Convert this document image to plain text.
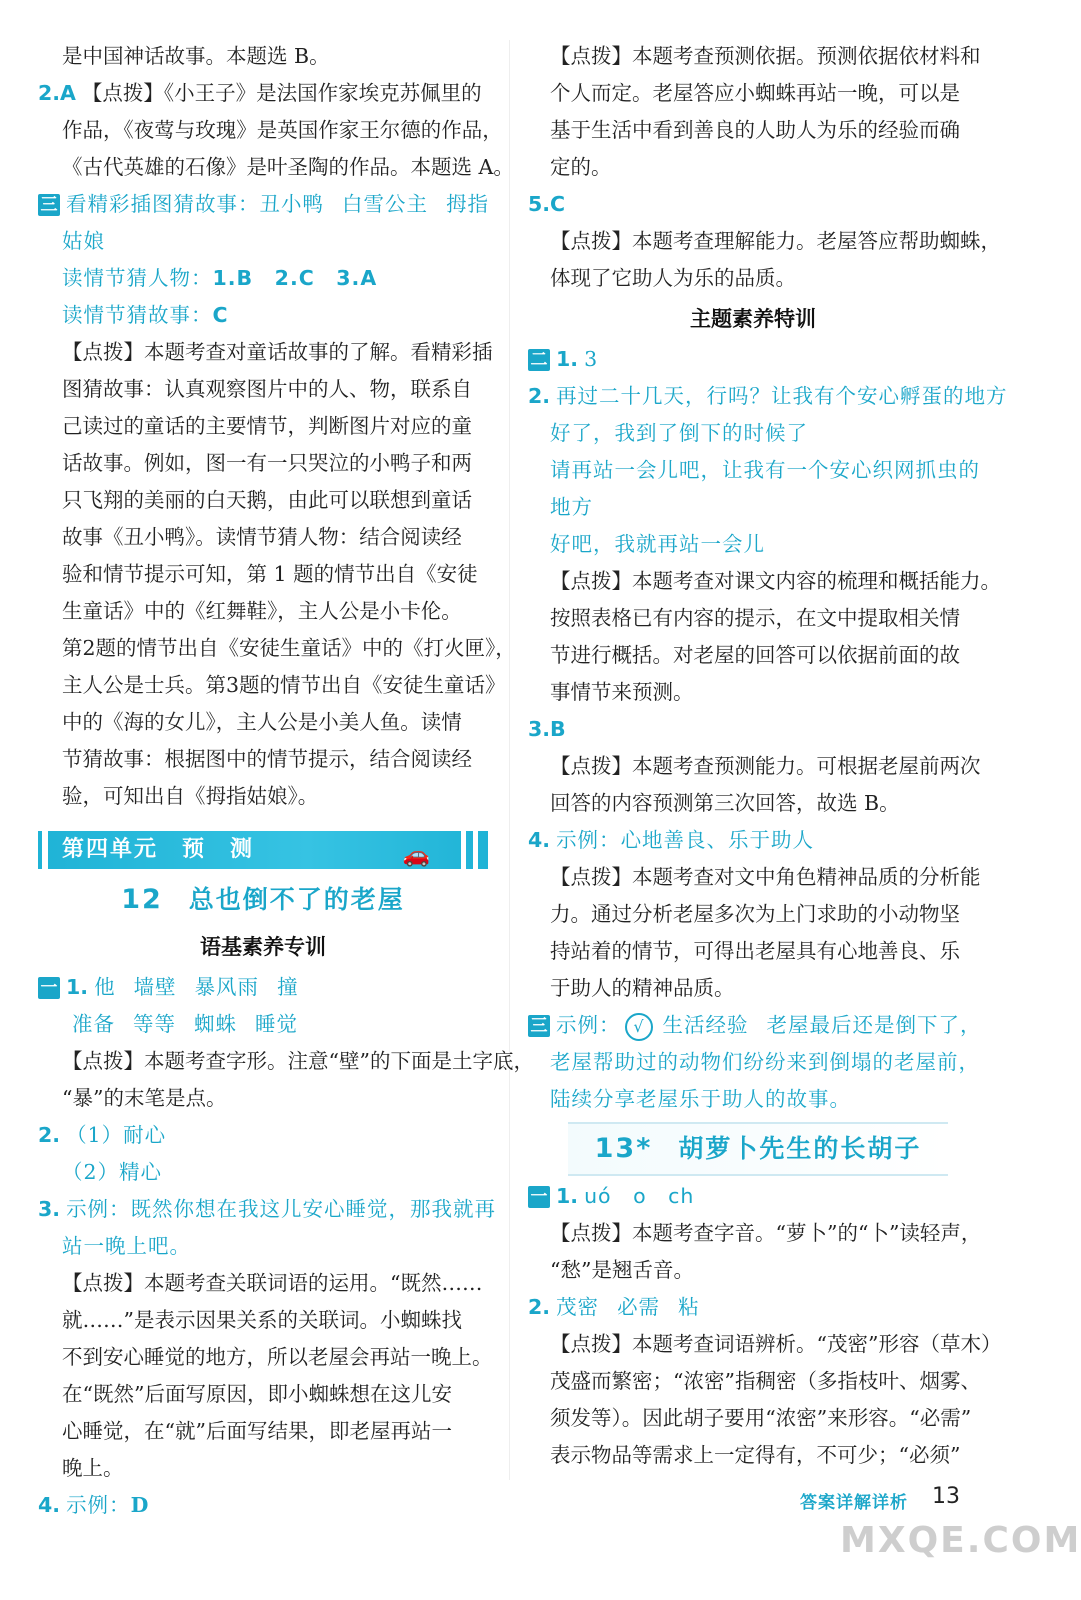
是中国神话故事。本题选 B。
2.A 【点拨】《小王子》是法国作家埃克苏佩里的
作品，《夜莺与玫瑰》是英国作家王尔德的作品，
《古代英雄的石像》是叶圣陶的作品。本题选 A。
三 看精彩插图猜故事：丑小鸭 白雪公主 拇指
姑娘
读情节猜人物：1.B　2.C　3.A
读情节猜故事：C
【点拨】本题考查对童话故事的了解。看精彩插
图猜故事：认真观察图片中的人、物，联系自
己读过的童话的主要情节，判断图片对应的童
话故事。例如，图一有一只哭泣的小鸭子和两
只飞翔的美丽的白天鹅，由此可以联想到童话
故事《丑小鸭》。读情节猜人物：结合阅读经
验和情节提示可知，第 1 题的情节出自《安徒
生童话》中的《红舞鞋》，主人公是小卡伦。
第2题的情节出自《安徒生童话》中的《打火匣》，
主人公是士兵。第3题的情节出自《安徒生童话》
中的《海的女儿》，主人公是小美人鱼。读情
节猜故事：根据图中的情节提示，结合阅读经
验，可知出自《拇指姑娘》。
第四单元　预　测	🚗
12 总也倒不了的老屋
语基素养专训
一 1. 他 墙壁 暴风雨 撞
准备 等等 蜘蛛 睡觉
【点拨】本题考查字形。注意“壁”的下面是土字底，
“暴”的末笔是点。
2. （1）耐心
（2）精心
3. 示例：既然你想在我这儿安心睡觉，那我就再
站一晚上吧。
【点拨】本题考查关联词语的运用。“既然……
就……”是表示因果关系的关联词。小蜘蛛找
不到安心睡觉的地方，所以老屋会再站一晚上。
在“既然”后面写原因，即小蜘蛛想在这儿安
心睡觉，在“就”后面写结果，即老屋再站一
晚上。
4. 示例：D
【点拨】本题考查预测依据。预测依据依材料和
个人而定。老屋答应小蜘蛛再站一晚，可以是
基于生活中看到善良的人助人为乐的经验而确
定的。
5.C
【点拨】本题考查理解能力。老屋答应帮助蜘蛛，
体现了它助人为乐的品质。
主题素养特训
二 1. 3
2. 再过二十几天，行吗？让我有个安心孵蛋的地方
好了，我到了倒下的时候了
请再站一会儿吧，让我有一个安心织网抓虫的
地方
好吧，我就再站一会儿
【点拨】本题考查对课文内容的梳理和概括能力。
按照表格已有内容的提示，在文中提取相关情
节进行概括。对老屋的回答可以依据前面的故
事情节来预测。
3.B
【点拨】本题考查预测能力。可根据老屋前两次
回答的内容预测第三次回答，故选 B。
4. 示例：心地善良、乐于助人
【点拨】本题考查对文中角色精神品质的分析能
力。通过分析老屋多次为上门求助的小动物坚
持站着的情节，可得出老屋具有心地善良、乐
于助人的精神品质。
三 示例： √ 生活经验 老屋最后还是倒下了，
老屋帮助过的动物们纷纷来到倒塌的老屋前，
陆续分享老屋乐于助人的故事。
13* 胡萝卜先生的长胡子
一 1. uó　o　ch
【点拨】本题考查字音。“萝卜”的“卜”读轻声，
“愁”是翘舌音。
2. 茂密 必需 粘
【点拨】本题考查词语辨析。“茂密”形容（草木）
茂盛而繁密；“浓密”指稠密（多指枝叶、烟雾、
须发等）。因此胡子要用“浓密”来形容。“必需”
表示物品等需求上一定得有，不可少；“必须”
答案详解详析 13
MXQE.COM
